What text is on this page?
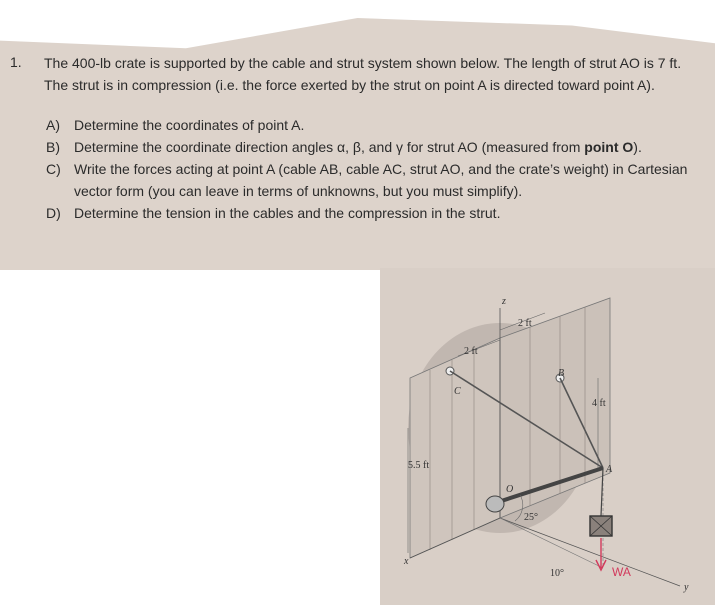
1. The 400-lb crate is supported by the cable and strut system shown below. The length of strut AO is 7 ft. The strut is in compression (i.e. the force exerted by the strut on point A is directed toward point A).
A)	Determine the coordinates of point A.
B)	Determine the coordinate direction angles α, β, and γ for strut AO (measured from point O).
C) Write the forces acting at point A (cable AB, cable AC, strut AO, and the crate’s weight) in Cartesian vector form (you can leave in terms of unknowns, but you must simplify).
D) Determine the tension in the cables and the compression in the strut.
z
x
y
2 ft
2 ft
4 ft
5.5 ft
25°
10°
B
C
A
O
WA
